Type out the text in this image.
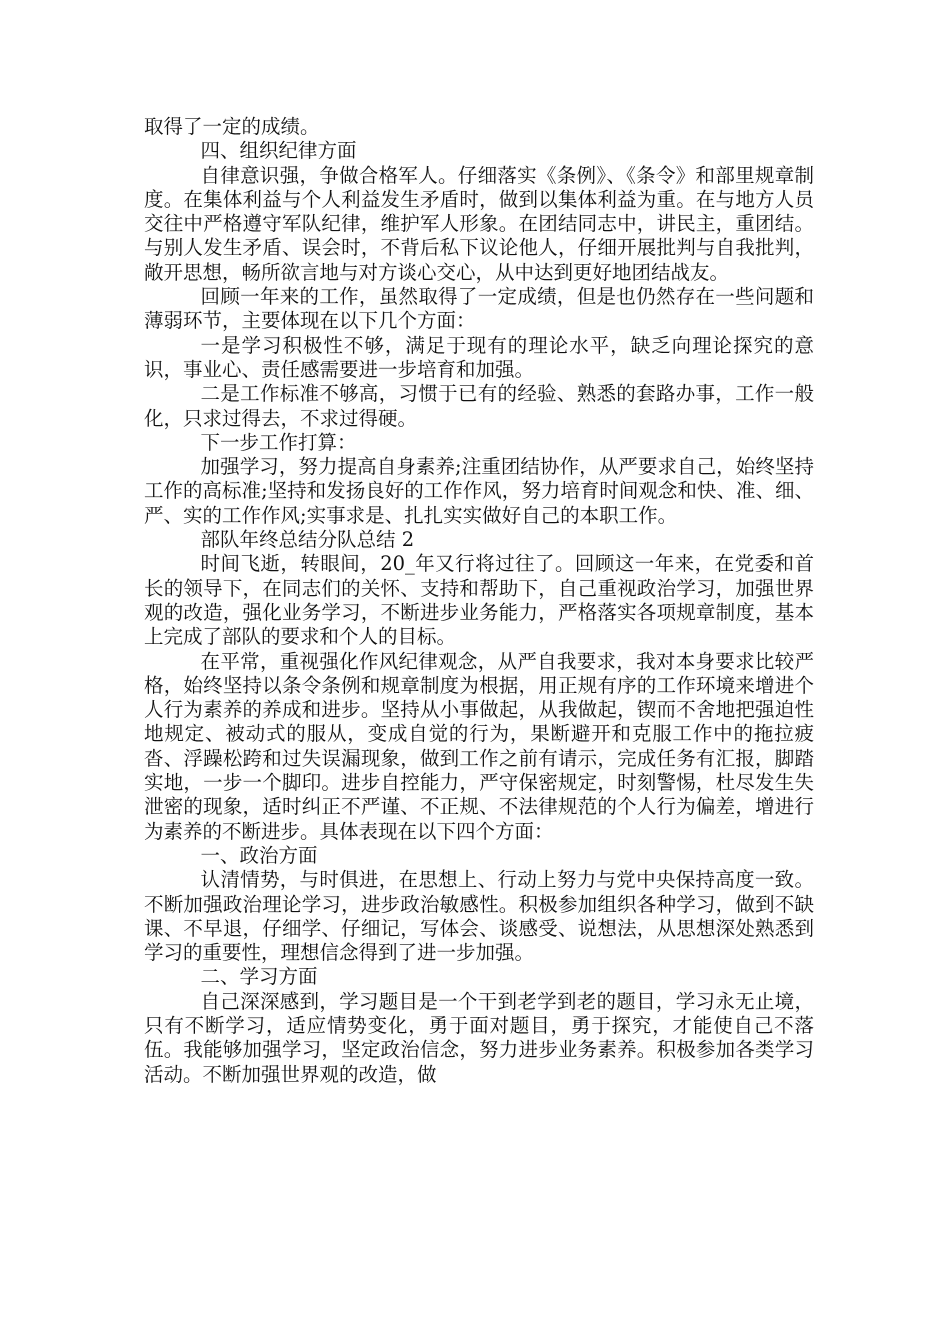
取得了一定的成绩。

四、组织纪律方面

自律意识强，争做合格军人。仔细落实《条例》、《条令》和部里规章制度。在集体利益与个人利益发生矛盾时，做到以集体利益为重。在与地方人员交往中严格遵守军队纪律，维护军人形象。在团结同志中，讲民主，重团结。与别人发生矛盾、误会时，不背后私下议论他人，仔细开展批判与自我批判，敞开思想，畅所欲言地与对方谈心交心，从中达到更好地团结战友。

回顾一年来的工作，虽然取得了一定成绩，但是也仍然存在一些问题和薄弱环节，主要体现在以下几个方面：

一是学习积极性不够，满足于现有的理论水平，缺乏向理论探究的意识，事业心、责任感需要进一步培育和加强。

二是工作标准不够高，习惯于已有的经验、熟悉的套路办事，工作一般化，只求过得去，不求过得硬。

下一步工作打算：

加强学习，努力提高自身素养;注重团结协作，从严要求自己，始终坚持工作的高标准;坚持和发扬良好的工作作风，努力培育时间观念和快、准、细、严、实的工作作风;实事求是、扎扎实实做好自己的本职工作。

部队年终总结分队总结 2

时间飞逝，转眼间，20_年又行将过往了。回顾这一年来，在党委和首长的领导下，在同志们的关怀、支持和帮助下，自己重视政治学习，加强世界观的改造，强化业务学习，不断进步业务能力，严格落实各项规章制度，基本上完成了部队的要求和个人的目标。

在平常，重视强化作风纪律观念，从严自我要求，我对本身要求比较严格，始终坚持以条令条例和规章制度为根据，用正规有序的工作环境来增进个人行为素养的养成和进步。坚持从小事做起，从我做起，锲而不舍地把强迫性地规定、被动式的服从，变成自觉的行为，果断避开和克服工作中的拖拉疲沓、浮躁松跨和过失误漏现象，做到工作之前有请示，完成任务有汇报，脚踏实地，一步一个脚印。进步自控能力，严守保密规定，时刻警惕，杜尽发生失泄密的现象，适时纠正不严谨、不正规、不法律规范的个人行为偏差，增进行为素养的不断进步。具体表现在以下四个方面：

一、政治方面

认清情势，与时俱进，在思想上、行动上努力与党中央保持高度一致。不断加强政治理论学习，进步政治敏感性。积极参加组织各种学习，做到不缺课、不早退，仔细学、仔细记，写体会、谈感受、说想法，从思想深处熟悉到学习的重要性，理想信念得到了进一步加强。

二、学习方面

自己深深感到，学习题目是一个干到老学到老的题目，学习永无止境，只有不断学习，适应情势变化，勇于面对题目，勇于探究，才能使自己不落伍。我能够加强学习，坚定政治信念，努力进步业务素养。积极参加各类学习活动。不断加强世界观的改造，做
